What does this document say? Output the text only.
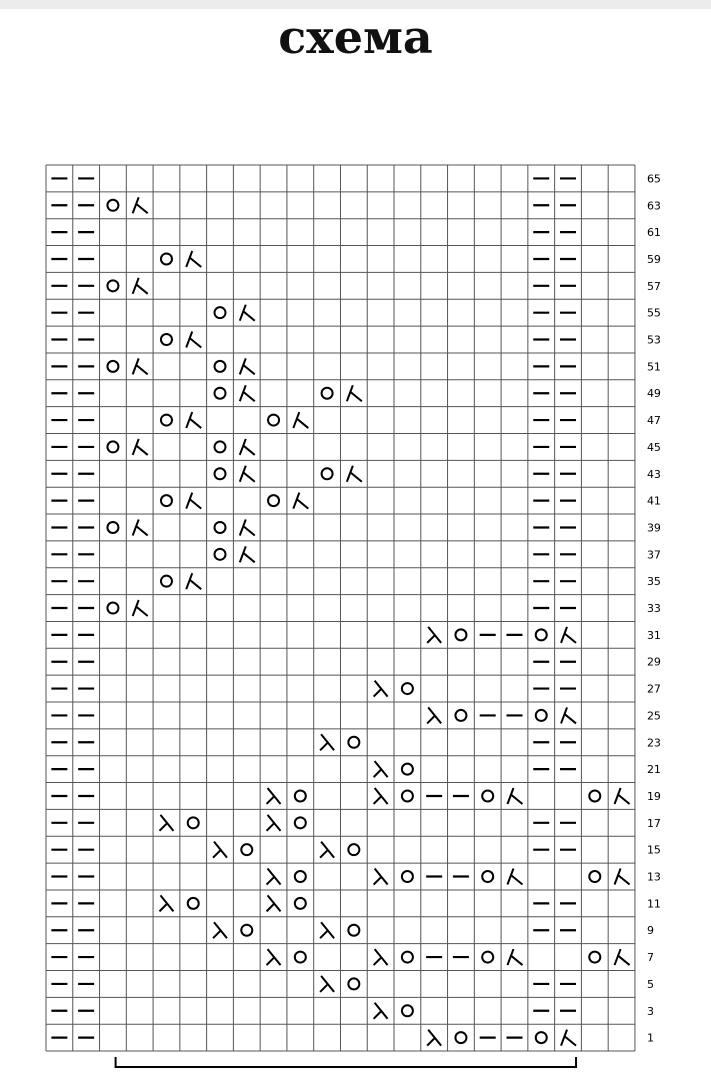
схема
65
63
61
59
57
55
53
51
49
47
45
43
41
39
37
35
33
31
29
27
25
23
21
19
17
15
13
11
9
7
5
3
1
